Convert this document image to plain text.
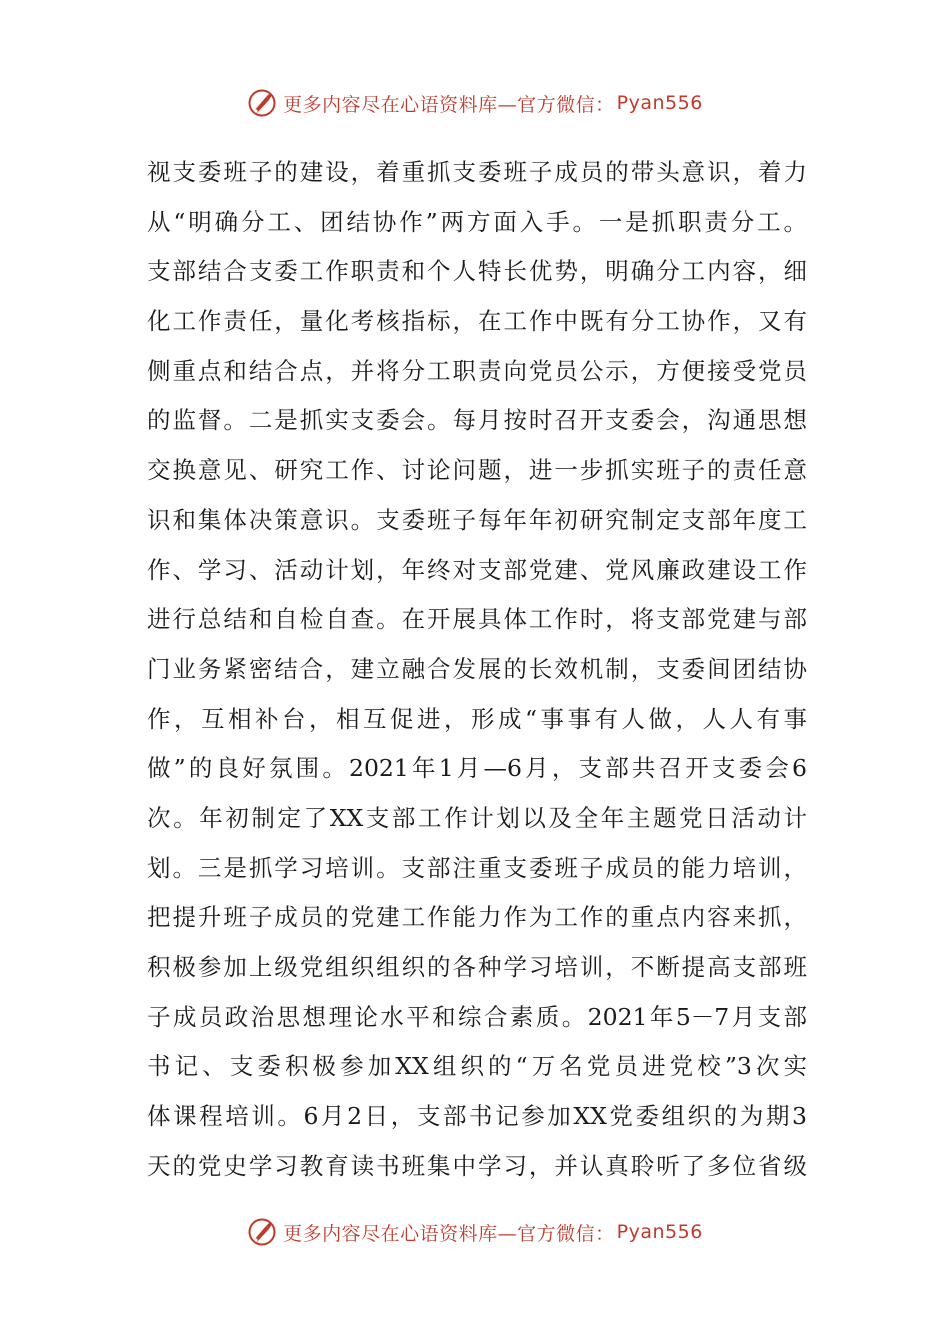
更多内容尽在心语资料库—官方微信： Pyan556
视支委班子的建设，着重抓支委班子成员的带头意识，着力
从“明确分工、团结协作”两方面入手。一是抓职责分工。
支部结合支委工作职责和个人特长优势，明确分工内容，细
化工作责任，量化考核指标，在工作中既有分工协作，又有
侧重点和结合点，并将分工职责向党员公示，方便接受党员
的监督。二是抓实支委会。每月按时召开支委会，沟通思想
交换意见、研究工作、讨论问题，进一步抓实班子的责任意
识和集体决策意识。支委班子每年年初研究制定支部年度工
作、学习、活动计划，年终对支部党建、党风廉政建设工作
进行总结和自检自查。在开展具体工作时，将支部党建与部
门业务紧密结合，建立融合发展的长效机制，支委间团结协
作，互相补台，相互促进，形成“事事有人做，人人有事
做”的良好氛围。2021年1月—6月，支部共召开支委会6
次。年初制定了XX支部工作计划以及全年主题党日活动计
划。三是抓学习培训。支部注重支委班子成员的能力培训，
把提升班子成员的党建工作能力作为工作的重点内容来抓，
积极参加上级党组织组织的各种学习培训，不断提高支部班
子成员政治思想理论水平和综合素质。2021年5－7月支部
书记、支委积极参加XX组织的“万名党员进党校”3次实
体课程培训。6月2日，支部书记参加XX党委组织的为期3
天的党史学习教育读书班集中学习，并认真聆听了多位省级
更多内容尽在心语资料库—官方微信： Pyan556
